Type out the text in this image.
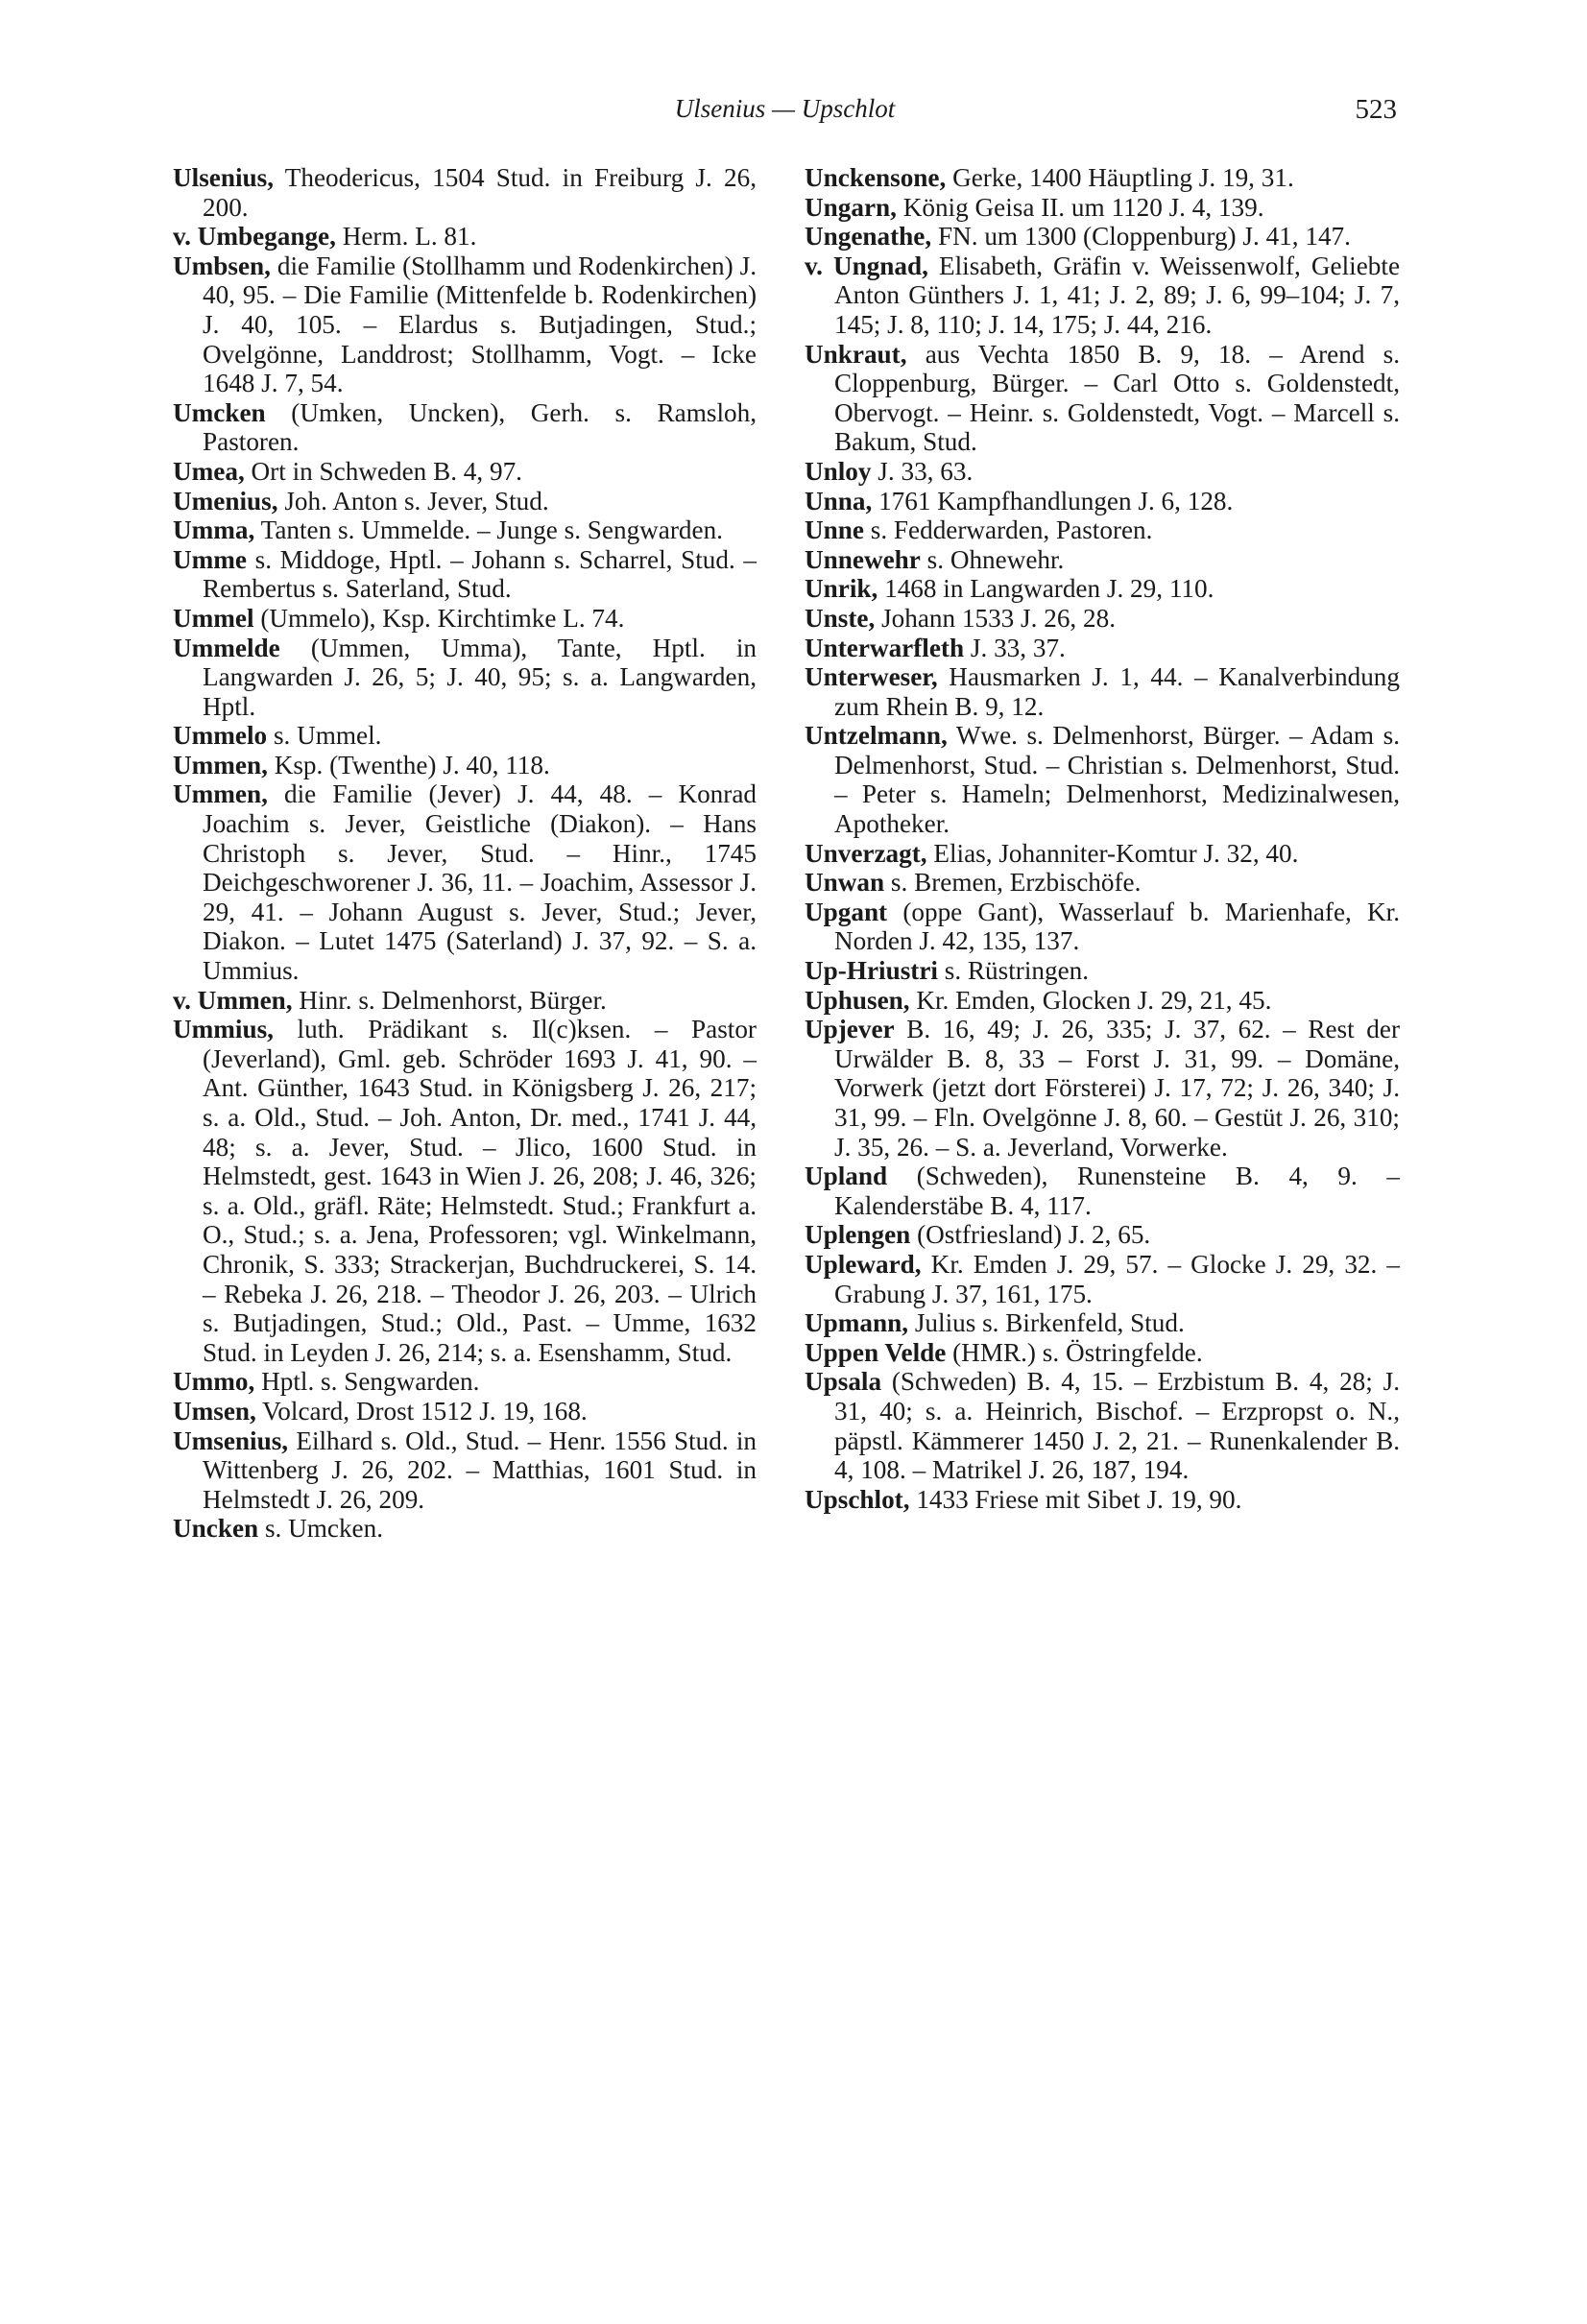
Ulsenius — Upschlot	523

Ulsenius, Theodericus, 1504 Stud. in Freiburg J. 26, 200.

v. Umbegange, Herm. L. 81.

Umbsen, die Familie (Stollhamm und Rodenkirchen) J. 40, 95. – Die Familie (Mittenfelde b. Rodenkirchen) J. 40, 105. – Elardus s. Butjadingen, Stud.; Ovelgönne, Landdrost; Stollhamm, Vogt. – Icke 1648 J. 7, 54.

Umcken (Umken, Uncken), Gerh. s. Ramsloh, Pastoren.

Umea, Ort in Schweden B. 4, 97.

Umenius, Joh. Anton s. Jever, Stud.

Umma, Tanten s. Ummelde. – Junge s. Sengwarden.

Umme s. Middoge, Hptl. – Johann s. Scharrel, Stud. – Rembertus s. Saterland, Stud.

Ummel (Ummelo), Ksp. Kirchtimke L. 74.

Ummelde (Ummen, Umma), Tante, Hptl. in Langwarden J. 26, 5; J. 40, 95; s. a. Langwarden, Hptl.

Ummelo s. Ummel.

Ummen, Ksp. (Twenthe) J. 40, 118.

Ummen, die Familie (Jever) J. 44, 48. – Konrad Joachim s. Jever, Geistliche (Diakon). – Hans Christoph s. Jever, Stud. – Hinr., 1745 Deichgeschworener J. 36, 11. – Joachim, Assessor J. 29, 41. – Johann August s. Jever, Stud.; Jever, Diakon. – Lutet 1475 (Saterland) J. 37, 92. – S. a. Ummius.

v. Ummen, Hinr. s. Delmenhorst, Bürger.

Ummius, luth. Prädikant s. Il(c)ksen. – Pastor (Jeverland), Gml. geb. Schröder 1693 J. 41, 90. – Ant. Günther, 1643 Stud. in Königsberg J. 26, 217; s. a. Old., Stud. – Joh. Anton, Dr. med., 1741 J. 44, 48; s. a. Jever, Stud. – Jlico, 1600 Stud. in Helmstedt, gest. 1643 in Wien J. 26, 208; J. 46, 326; s. a. Old., gräfl. Räte; Helmstedt. Stud.; Frankfurt a. O., Stud.; s. a. Jena, Professoren; vgl. Winkelmann, Chronik, S. 333; Strackerjan, Buchdruckerei, S. 14. – Rebeka J. 26, 218. – Theodor J. 26, 203. – Ulrich s. Butjadingen, Stud.; Old., Past. – Umme, 1632 Stud. in Leyden J. 26, 214; s. a. Esenshamm, Stud.

Ummo, Hptl. s. Sengwarden.

Umsen, Volcard, Drost 1512 J. 19, 168.

Umsenius, Eilhard s. Old., Stud. – Henr. 1556 Stud. in Wittenberg J. 26, 202. – Matthias, 1601 Stud. in Helmstedt J. 26, 209.

Uncken s. Umcken.

Unckensone, Gerke, 1400 Häuptling J. 19, 31.

Ungarn, König Geisa II. um 1120 J. 4, 139.

Ungenathe, FN. um 1300 (Cloppenburg) J. 41, 147.

v. Ungnad, Elisabeth, Gräfin v. Weissenwolf, Geliebte Anton Günthers J. 1, 41; J. 2, 89; J. 6, 99–104; J. 7, 145; J. 8, 110; J. 14, 175; J. 44, 216.

Unkraut, aus Vechta 1850 B. 9, 18. – Arend s. Cloppenburg, Bürger. – Carl Otto s. Goldenstedt, Obervogt. – Heinr. s. Goldenstedt, Vogt. – Marcell s. Bakum, Stud.

Unloy J. 33, 63.

Unna, 1761 Kampfhandlungen J. 6, 128.

Unne s. Fedderwarden, Pastoren.

Unnewehr s. Ohnewehr.

Unrik, 1468 in Langwarden J. 29, 110.

Unste, Johann 1533 J. 26, 28.

Unterwarfleth J. 33, 37.

Unterweser, Hausmarken J. 1, 44. – Kanalverbindung zum Rhein B. 9, 12.

Untzelmann, Wwe. s. Delmenhorst, Bürger. – Adam s. Delmenhorst, Stud. – Christian s. Delmenhorst, Stud. – Peter s. Hameln; Delmenhorst, Medizinalwesen, Apotheker.

Unverzagt, Elias, Johanniter-Komtur J. 32, 40.

Unwan s. Bremen, Erzbischöfe.

Upgant (oppe Gant), Wasserlauf b. Marienhafe, Kr. Norden J. 42, 135, 137.

Up-Hriustri s. Rüstringen.

Uphusen, Kr. Emden, Glocken J. 29, 21, 45.

Upjever B. 16, 49; J. 26, 335; J. 37, 62. – Rest der Urwälder B. 8, 33 – Forst J. 31, 99. – Domäne, Vorwerk (jetzt dort Försterei) J. 17, 72; J. 26, 340; J. 31, 99. – Fln. Ovelgönne J. 8, 60. – Gestüt J. 26, 310; J. 35, 26. – S. a. Jeverland, Vorwerke.

Upland (Schweden), Runensteine B. 4, 9. – Kalenderstäbe B. 4, 117.

Uplengen (Ostfriesland) J. 2, 65.

Upleward, Kr. Emden J. 29, 57. – Glocke J. 29, 32. – Grabung J. 37, 161, 175.

Upmann, Julius s. Birkenfeld, Stud.

Uppen Velde (HMR.) s. Östringfelde.

Upsala (Schweden) B. 4, 15. – Erzbistum B. 4, 28; J. 31, 40; s. a. Heinrich, Bischof. – Erzpropst o. N., päpstl. Kämmerer 1450 J. 2, 21. – Runenkalender B. 4, 108. – Matrikel J. 26, 187, 194.

Upschlot, 1433 Friese mit Sibet J. 19, 90.
